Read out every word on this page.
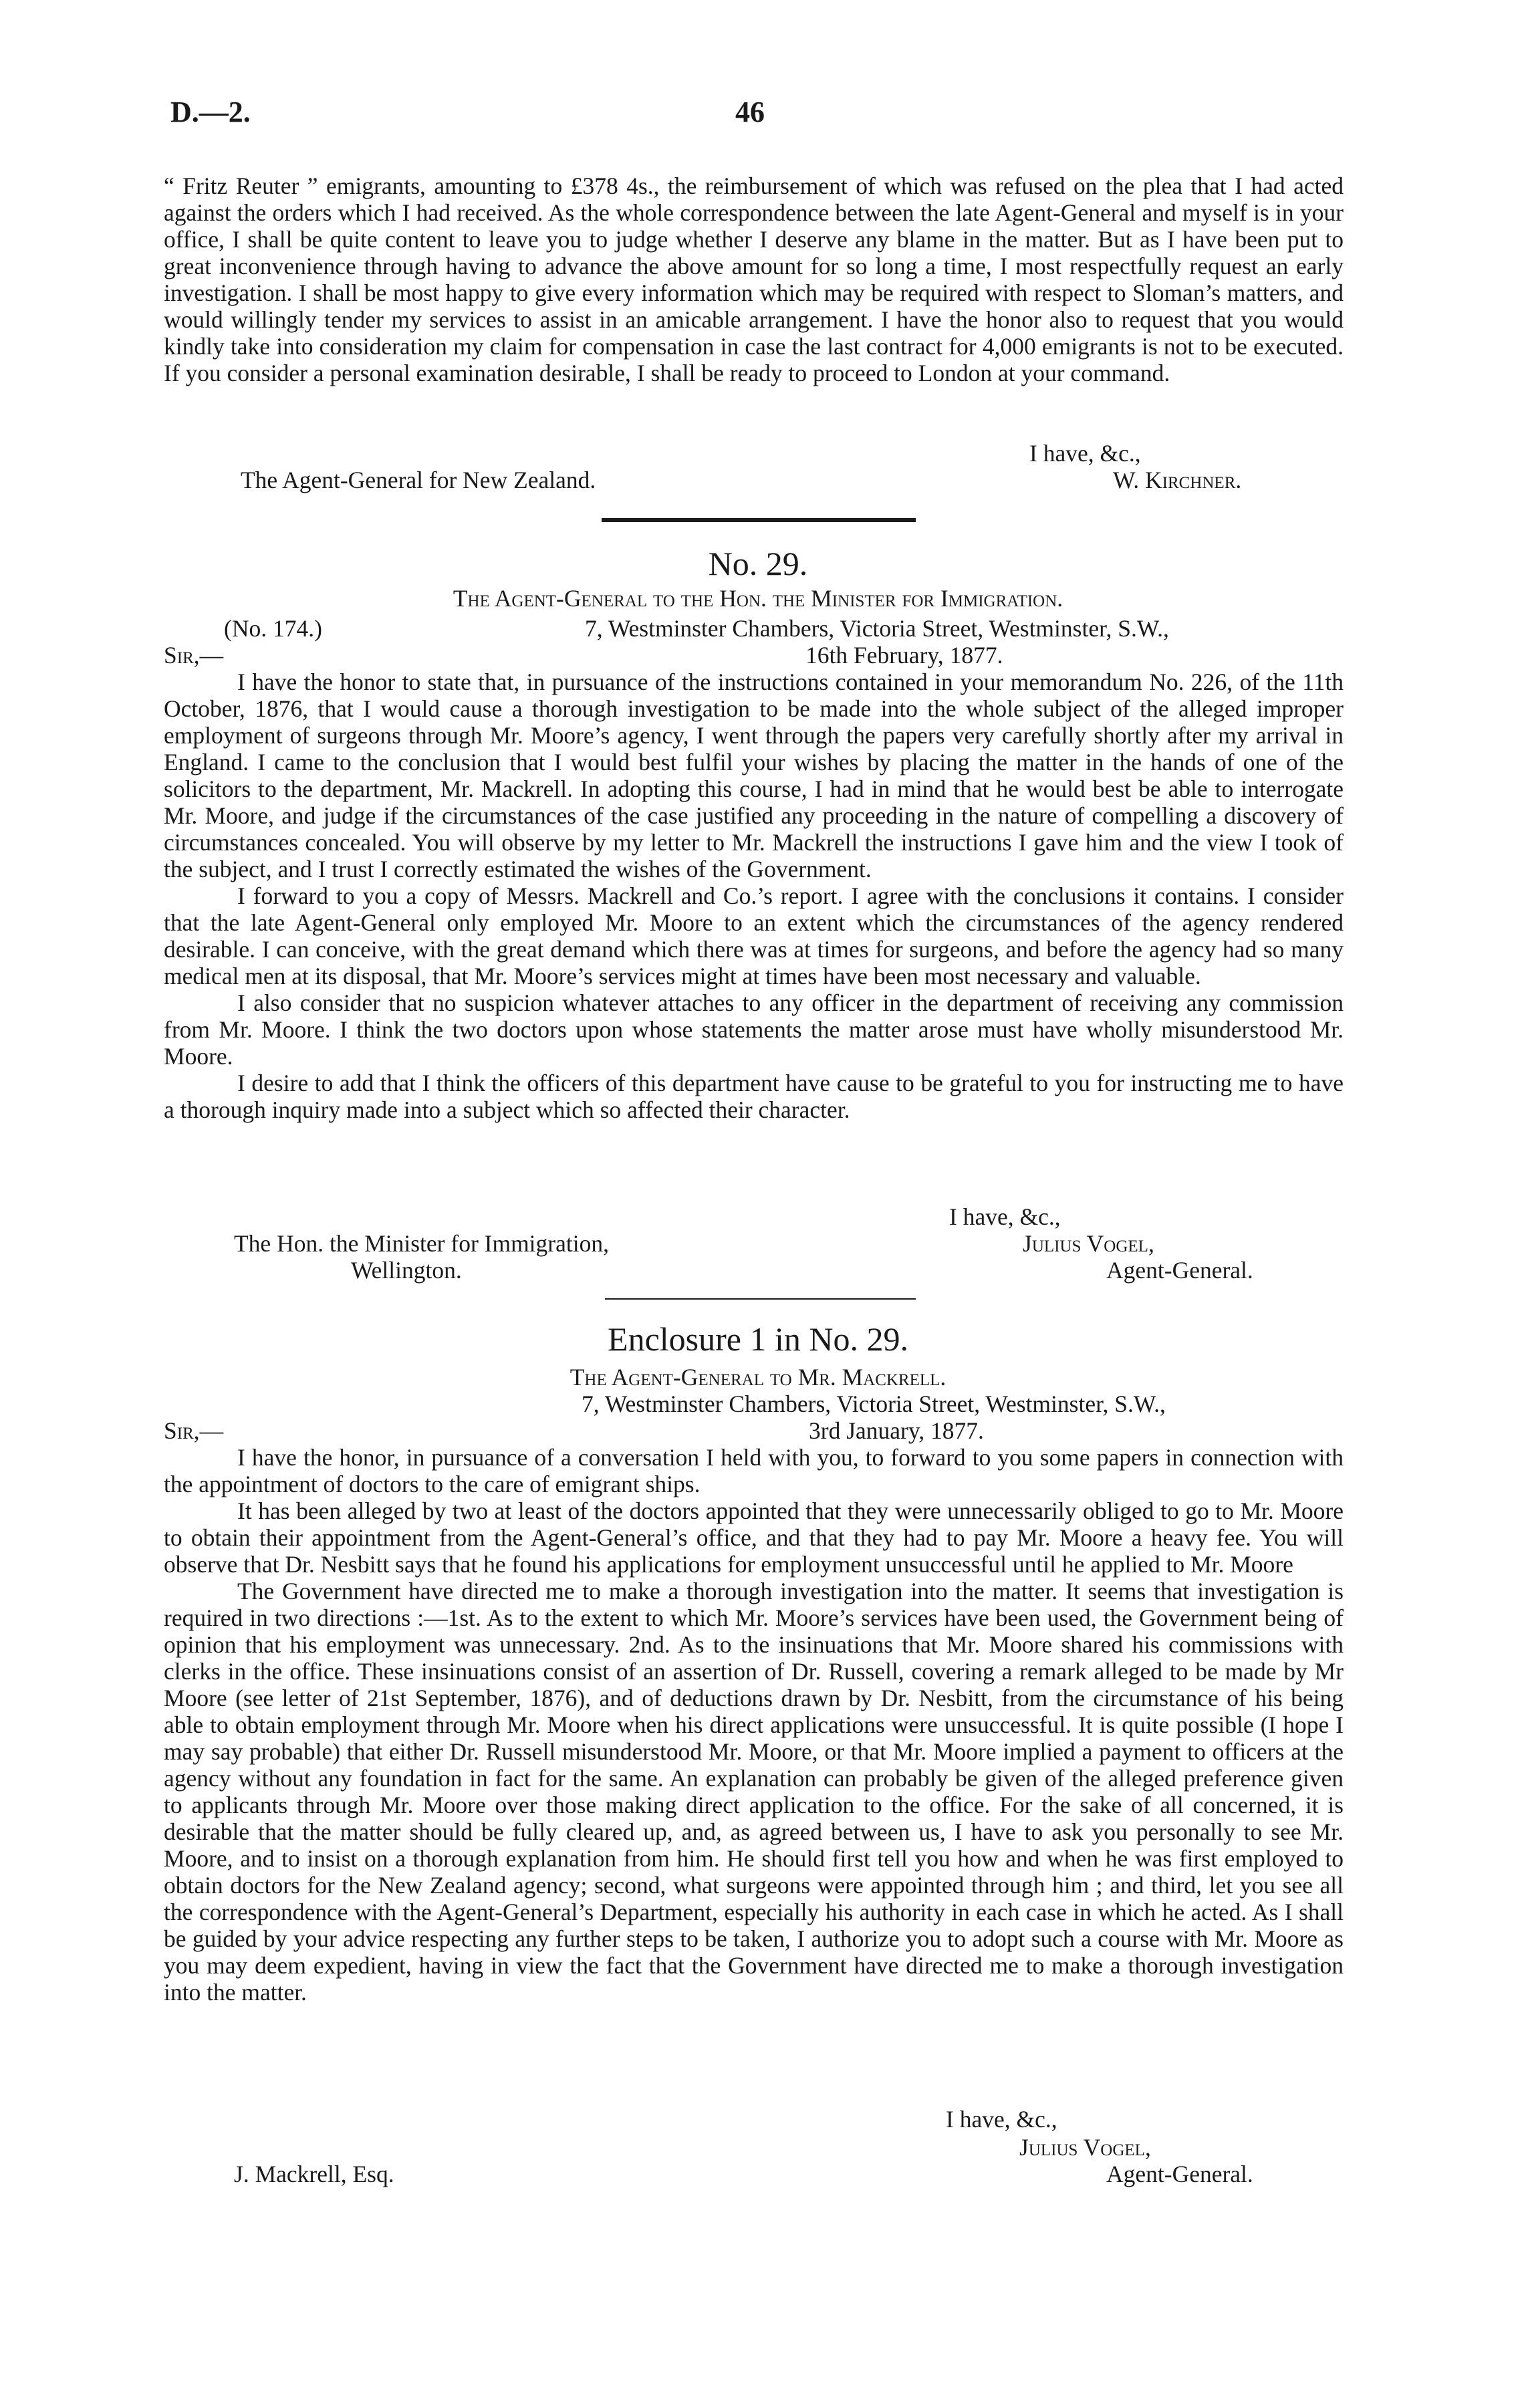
D.—2.	46

“ Fritz Reuter ” emigrants, amounting to £378 4s., the reimbursement of which was refused on the plea that I had acted against the orders which I had received. As the whole correspondence between the late Agent-General and myself is in your office, I shall be quite content to leave you to judge whether I deserve any blame in the matter. But as I have been put to great inconvenience through having to advance the above amount for so long a time, I most respectfully request an early investigation. I shall be most happy to give every information which may be required with respect to Sloman’s matters, and would willingly tender my services to assist in an amicable arrangement. I have the honor also to request that you would kindly take into consideration my claim for compensation in case the last contract for 4,000 emigrants is not to be executed. If you consider a personal examination desirable, I shall be ready to proceed to London at your command.

I have, &c.,
The Agent-General for New Zealand.	W. Kirchner.
No. 29.
The Agent-General to the Hon. the Minister for Immigration.
(No. 174.)	7, Westminster Chambers, Victoria Street, Westminster, S.W.,
Sir,—	16th February, 1877.

I have the honor to state that, in pursuance of the instructions contained in your memorandum No. 226, of the 11th October, 1876, that I would cause a thorough investigation to be made into the whole subject of the alleged improper employment of surgeons through Mr. Moore’s agency, I went through the papers very carefully shortly after my arrival in England. I came to the conclusion that I would best fulfil your wishes by placing the matter in the hands of one of the solicitors to the department, Mr. Mackrell. In adopting this course, I had in mind that he would best be able to interrogate Mr. Moore, and judge if the circumstances of the case justified any proceeding in the nature of compelling a discovery of circumstances concealed. You will observe by my letter to Mr. Mackrell the instructions I gave him and the view I took of the subject, and I trust I correctly estimated the wishes of the Government.

I forward to you a copy of Messrs. Mackrell and Co.’s report. I agree with the conclusions it contains. I consider that the late Agent-General only employed Mr. Moore to an extent which the circumstances of the agency rendered desirable. I can conceive, with the great demand which there was at times for surgeons, and before the agency had so many medical men at its disposal, that Mr. Moore’s services might at times have been most necessary and valuable.

I also consider that no suspicion whatever attaches to any officer in the department of receiving any commission from Mr. Moore. I think the two doctors upon whose statements the matter arose must have wholly misunderstood Mr. Moore.

I desire to add that I think the officers of this department have cause to be grateful to you for instructing me to have a thorough inquiry made into a subject which so affected their character.

I have, &c.,
The Hon. the Minister for Immigration,	Julius Vogel,
Wellington.	Agent-General.
Enclosure 1 in No. 29.
The Agent-General to Mr. Mackrell.
7, Westminster Chambers, Victoria Street, Westminster, S.W.,
Sir,—	3rd January, 1877.

I have the honor, in pursuance of a conversation I held with you, to forward to you some papers in connection with the appointment of doctors to the care of emigrant ships.

It has been alleged by two at least of the doctors appointed that they were unnecessarily obliged to go to Mr. Moore to obtain their appointment from the Agent-General’s office, and that they had to pay Mr. Moore a heavy fee. You will observe that Dr. Nesbitt says that he found his applications for employment unsuccessful until he applied to Mr. Moore

The Government have directed me to make a thorough investigation into the matter. It seems that investigation is required in two directions :—1st. As to the extent to which Mr. Moore’s services have been used, the Government being of opinion that his employment was unnecessary. 2nd. As to the insinuations that Mr. Moore shared his commissions with clerks in the office. These insinuations consist of an assertion of Dr. Russell, covering a remark alleged to be made by Mr Moore (see letter of 21st September, 1876), and of deductions drawn by Dr. Nesbitt, from the circumstance of his being able to obtain employment through Mr. Moore when his direct applications were unsuccessful. It is quite possible (I hope I may say probable) that either Dr. Russell misunderstood Mr. Moore, or that Mr. Moore implied a payment to officers at the agency without any foundation in fact for the same. An explanation can probably be given of the alleged preference given to applicants through Mr. Moore over those making direct application to the office. For the sake of all concerned, it is desirable that the matter should be fully cleared up, and, as agreed between us, I have to ask you personally to see Mr. Moore, and to insist on a thorough explanation from him. He should first tell you how and when he was first employed to obtain doctors for the New Zealand agency; second, what surgeons were appointed through him ; and third, let you see all the correspondence with the Agent-General’s Department, especially his authority in each case in which he acted. As I shall be guided by your advice respecting any further steps to be taken, I authorize you to adopt such a course with Mr. Moore as you may deem expedient, having in view the fact that the Government have directed me to make a thorough investigation into the matter.

I have, &c.,
Julius Vogel,
J. Mackrell, Esq.	Agent-General.
